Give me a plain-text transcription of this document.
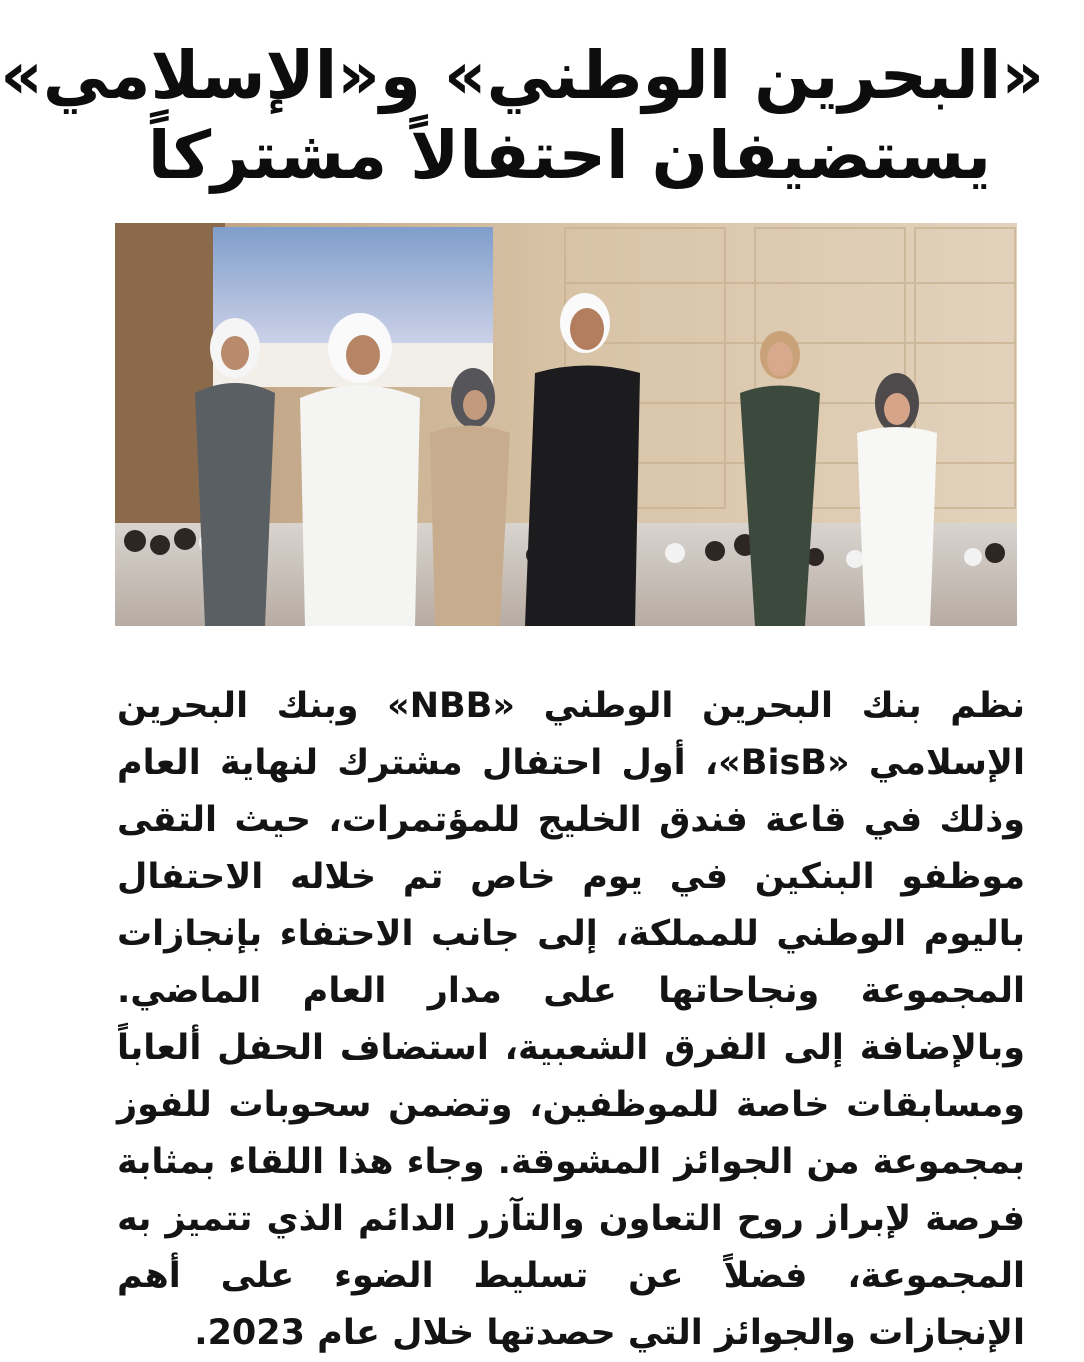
«البحرين الوطني» و«الإسلامي»
يستضيفان احتفالاً مشتركاً

نظم بنك البحرين الوطني «NBB» وبنك البحرين الإسلامي «BisB»، أول احتفال مشترك لنهاية العام وذلك في قاعة فندق الخليج للمؤتمرات، حيث التقى موظفو البنكين في يوم خاص تم خلاله الاحتفال باليوم الوطني للمملكة، إلى جانب الاحتفاء بإنجازات المجموعة ونجاحاتها على مدار العام الماضي. وبالإضافة إلى الفرق الشعبية، استضاف الحفل ألعاباً ومسابقات خاصة للموظفين، وتضمن سحوبات للفوز بمجموعة من الجوائز المشوقة. وجاء هذا اللقاء بمثابة فرصة لإبراز روح التعاون والتآزر الدائم الذي تتميز به المجموعة، فضلاً عن تسليط الضوء على أهم الإنجازات والجوائز التي حصدتها خلال عام 2023.
